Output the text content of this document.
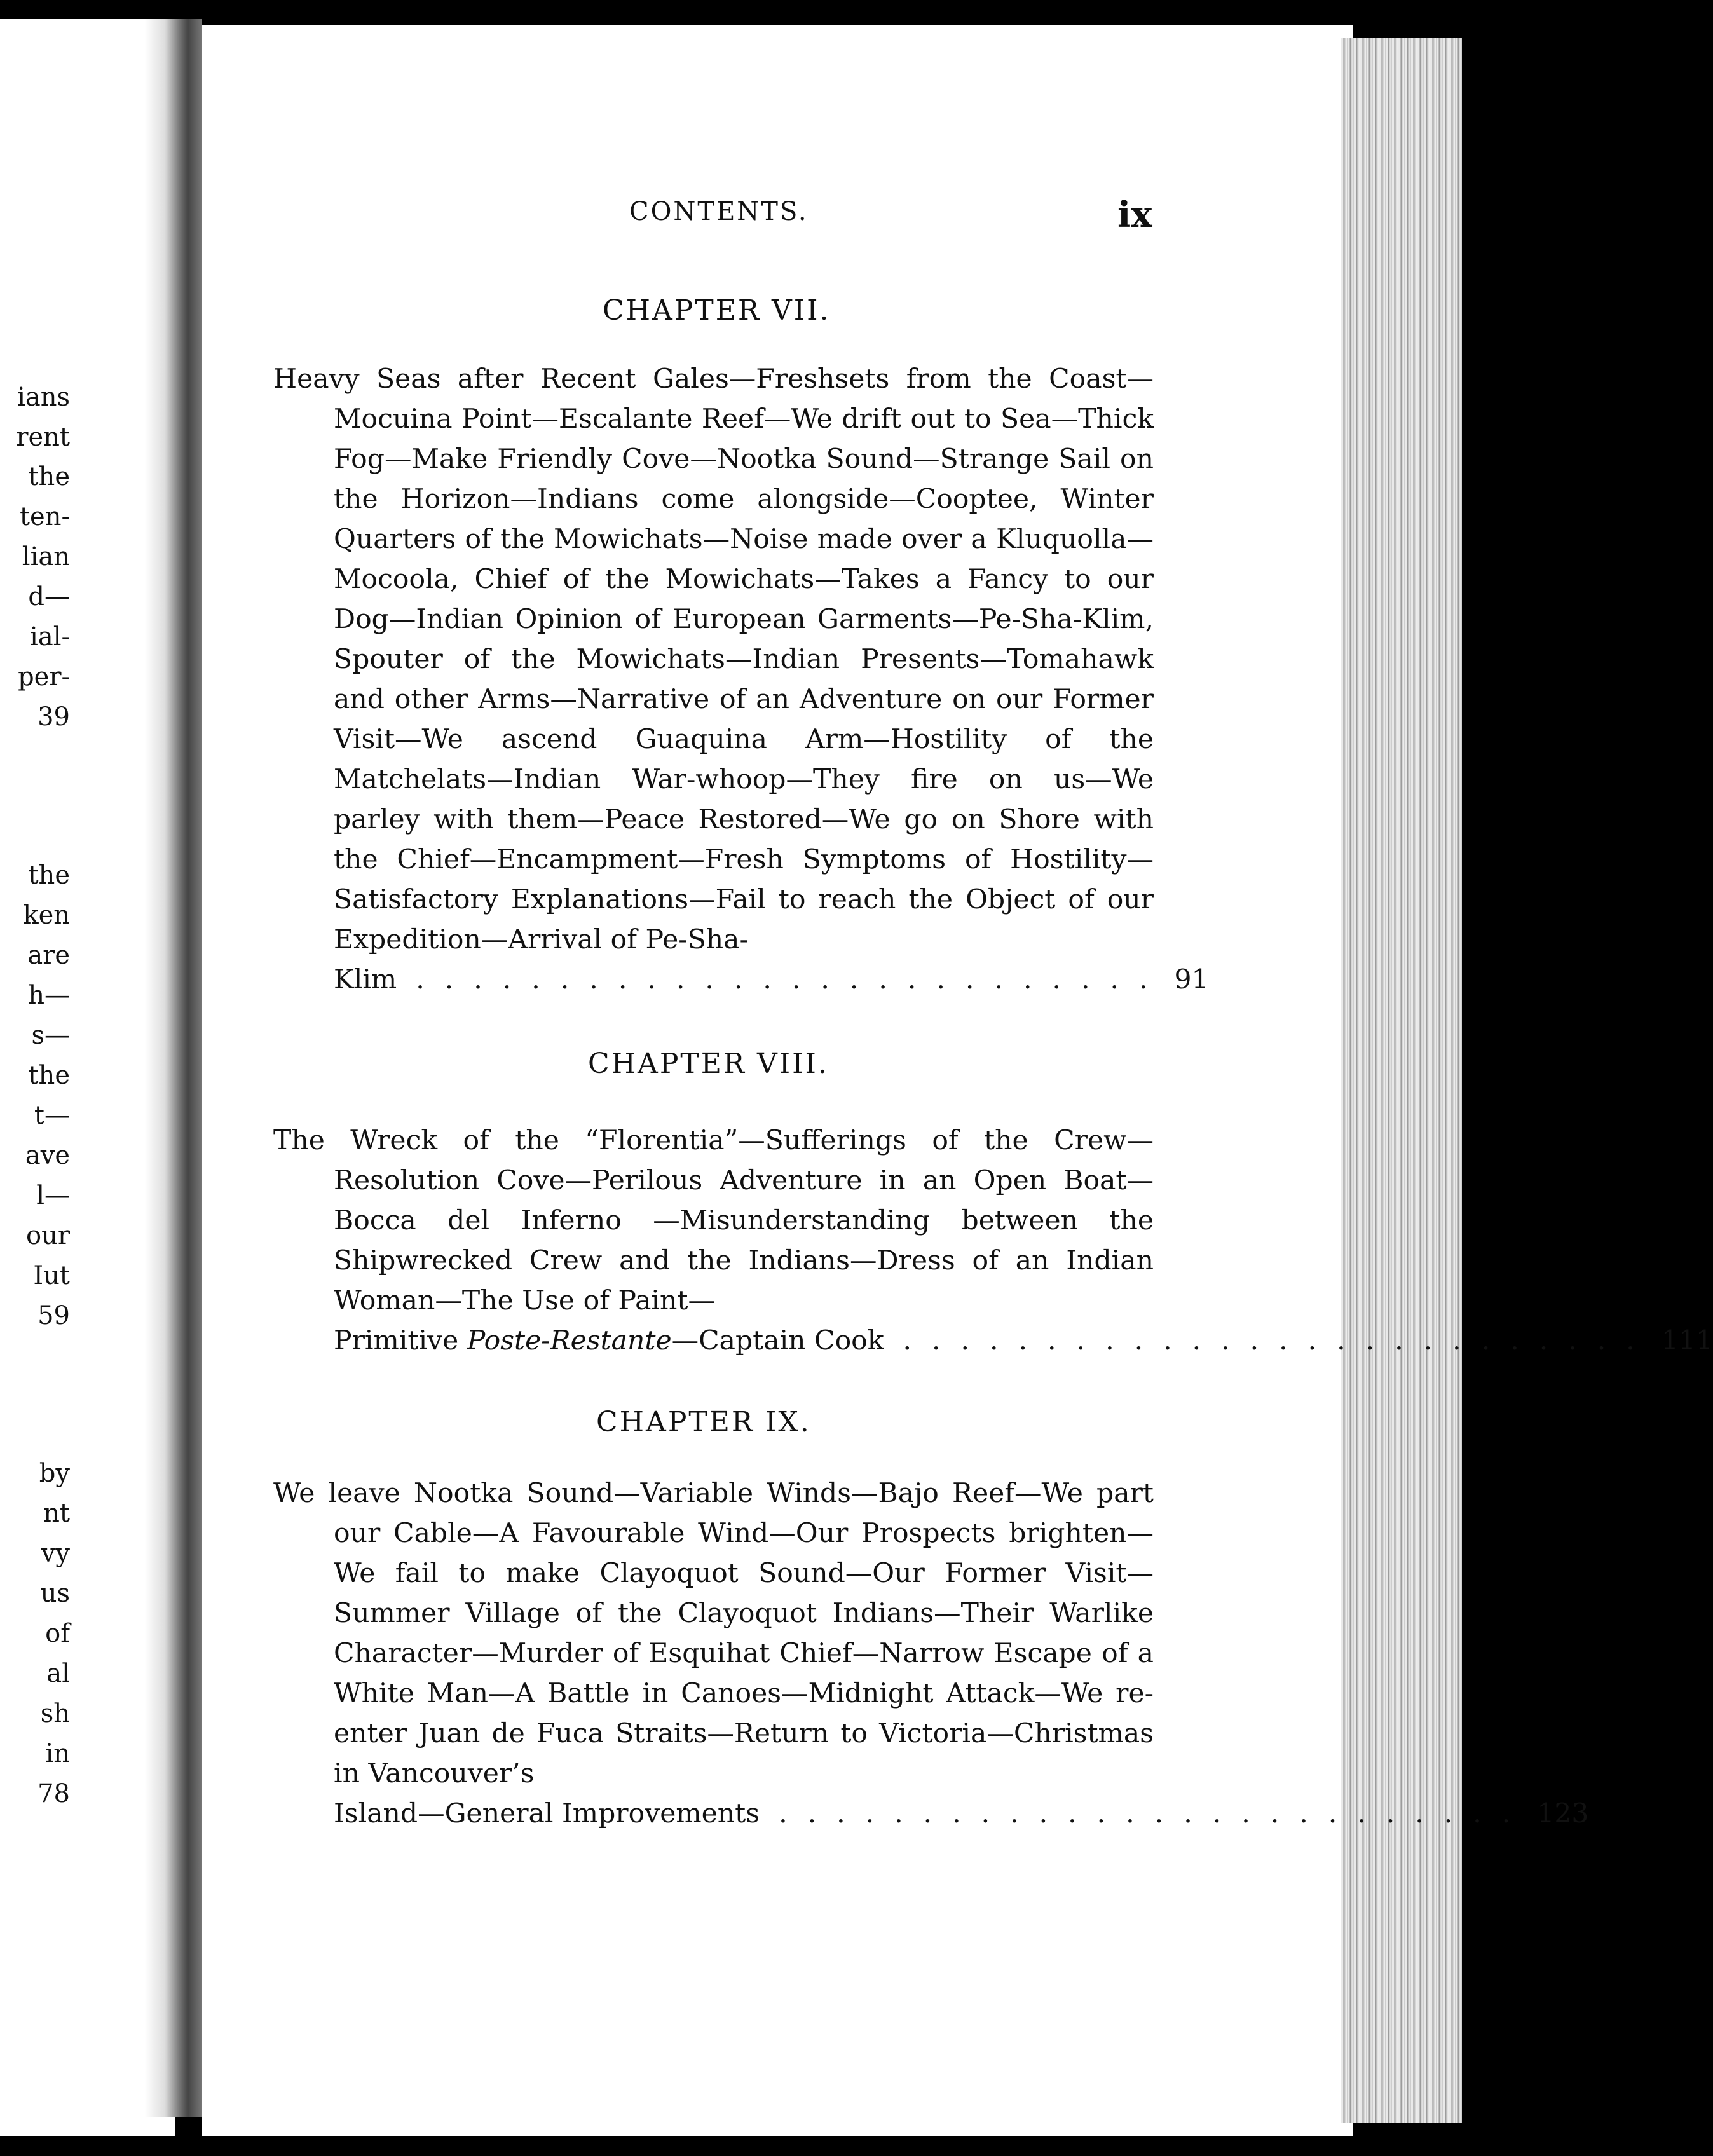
ians
rent
the
ten-
lian
d—
ial-
per-
39
the
ken
are
h—
s—
the
t—
ave
l—
our
Iut
59
by
nt
vy
us
of
al
sh
in
78
CONTENTS.	ix
CHAPTER VII.
Heavy Seas after Recent Gales—Freshsets from the Coast—Mocuina Point—Escalante Reef—We drift out to Sea—Thick Fog—Make Friendly Cove—Nootka Sound—Strange Sail on the Horizon—Indians come alongside—Cooptee, Winter Quarters of the Mowichats—Noise made over a Kluquolla—Mocoola, Chief of the Mowichats—Takes a Fancy to our Dog—Indian Opinion of European Garments—Pe-Sha-Klim, Spouter of the Mowichats—Indian Presents—Tomahawk and other Arms—Narrative of an Adventure on our Former Visit—We ascend Guaquina Arm—Hostility of the Matchelats—Indian War-whoop—They fire on us—We parley with them—Peace Restored—We go on Shore with the Chief—Encampment—Fresh Symptoms of Hostility—Satisfactory Explanations—Fail to reach the Object of our Expedition—Arrival of Pe-Sha-
Klim .......................... 91
CHAPTER VIII.
The Wreck of the “Florentia”—Sufferings of the Crew—Resolution Cove—Perilous Adventure in an Open Boat—Bocca del Inferno —Misunderstanding between the Shipwrecked Crew and the Indians—Dress of an Indian Woman—The Use of Paint—
Primitive Poste-Restante—Captain Cook .......................... 111
CHAPTER IX.
We leave Nootka Sound—Variable Winds—Bajo Reef—We part our Cable—A Favourable Wind—Our Prospects brighten—We fail to make Clayoquot Sound—Our Former Visit—Summer Village of the Clayoquot Indians—Their Warlike Character—Murder of Esquihat Chief—Narrow Escape of a White Man—A Battle in Canoes—Midnight Attack—We re-enter Juan de Fuca Straits—Return to Victoria—Christmas in Vancouver’s
Island—General Improvements .......................... 123
